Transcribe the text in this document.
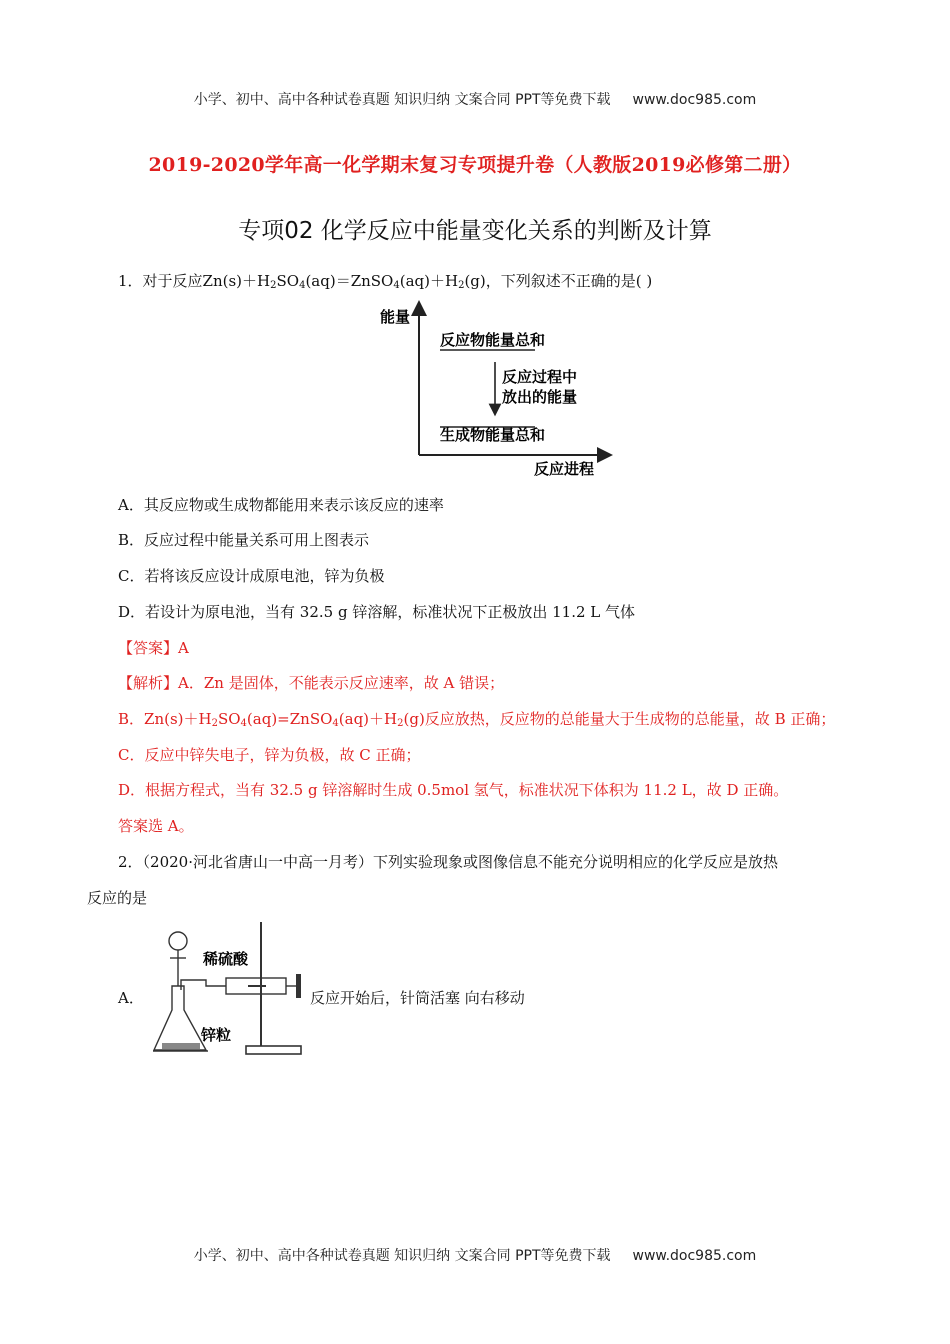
小学、初中、高中各种试卷真题 知识归纳 文案合同 PPT等免费下载 www.doc985.com
2019-2020学年高一化学期末复习专项提升卷（人教版2019必修第二册）
专项02 化学反应中能量变化关系的判断及计算
1．对于反应$Zn(s)+H_2SO_4(aq)=ZnSO_4(aq)+H_2(g)$，下列叙述不正确的是( )
能量
反应物能量总和
反应过程中
放出的能量
生成物能量总和
反应进程
A．其反应物或生成物都能用来表示该反应的速率
B．反应过程中能量关系可用上图表示
C．若将该反应设计成原电池，锌为负极
D．若设计为原电池，当有 32.5 g 锌溶解，标准状况下正极放出 11.2 L 气体
【答案】A
【解析】A．Zn 是固体，不能表示反应速率，故 A 错误；
B．$Zn(s)+H_2SO_4(aq)=ZnSO_4(aq)+H_2(g)$反应放热，反应物的总能量大于生成物的总能量，故 B 正确；
C．反应中锌失电子，锌为负极，故 C 正确；
D．根据方程式，当有 32.5 g 锌溶解时生成 0.5mol 氢气，标准状况下体积为 11.2 L，故 D 正确。
答案选 A。
2．（2020·河北省唐山一中高一月考）下列实验现象或图像信息不能充分说明相应的化学反应是放热
反应的是
A．
稀硫酸
锌粒
反应开始后，针筒活塞 向右移动
小学、初中、高中各种试卷真题 知识归纳 文案合同 PPT等免费下载 www.doc985.com
